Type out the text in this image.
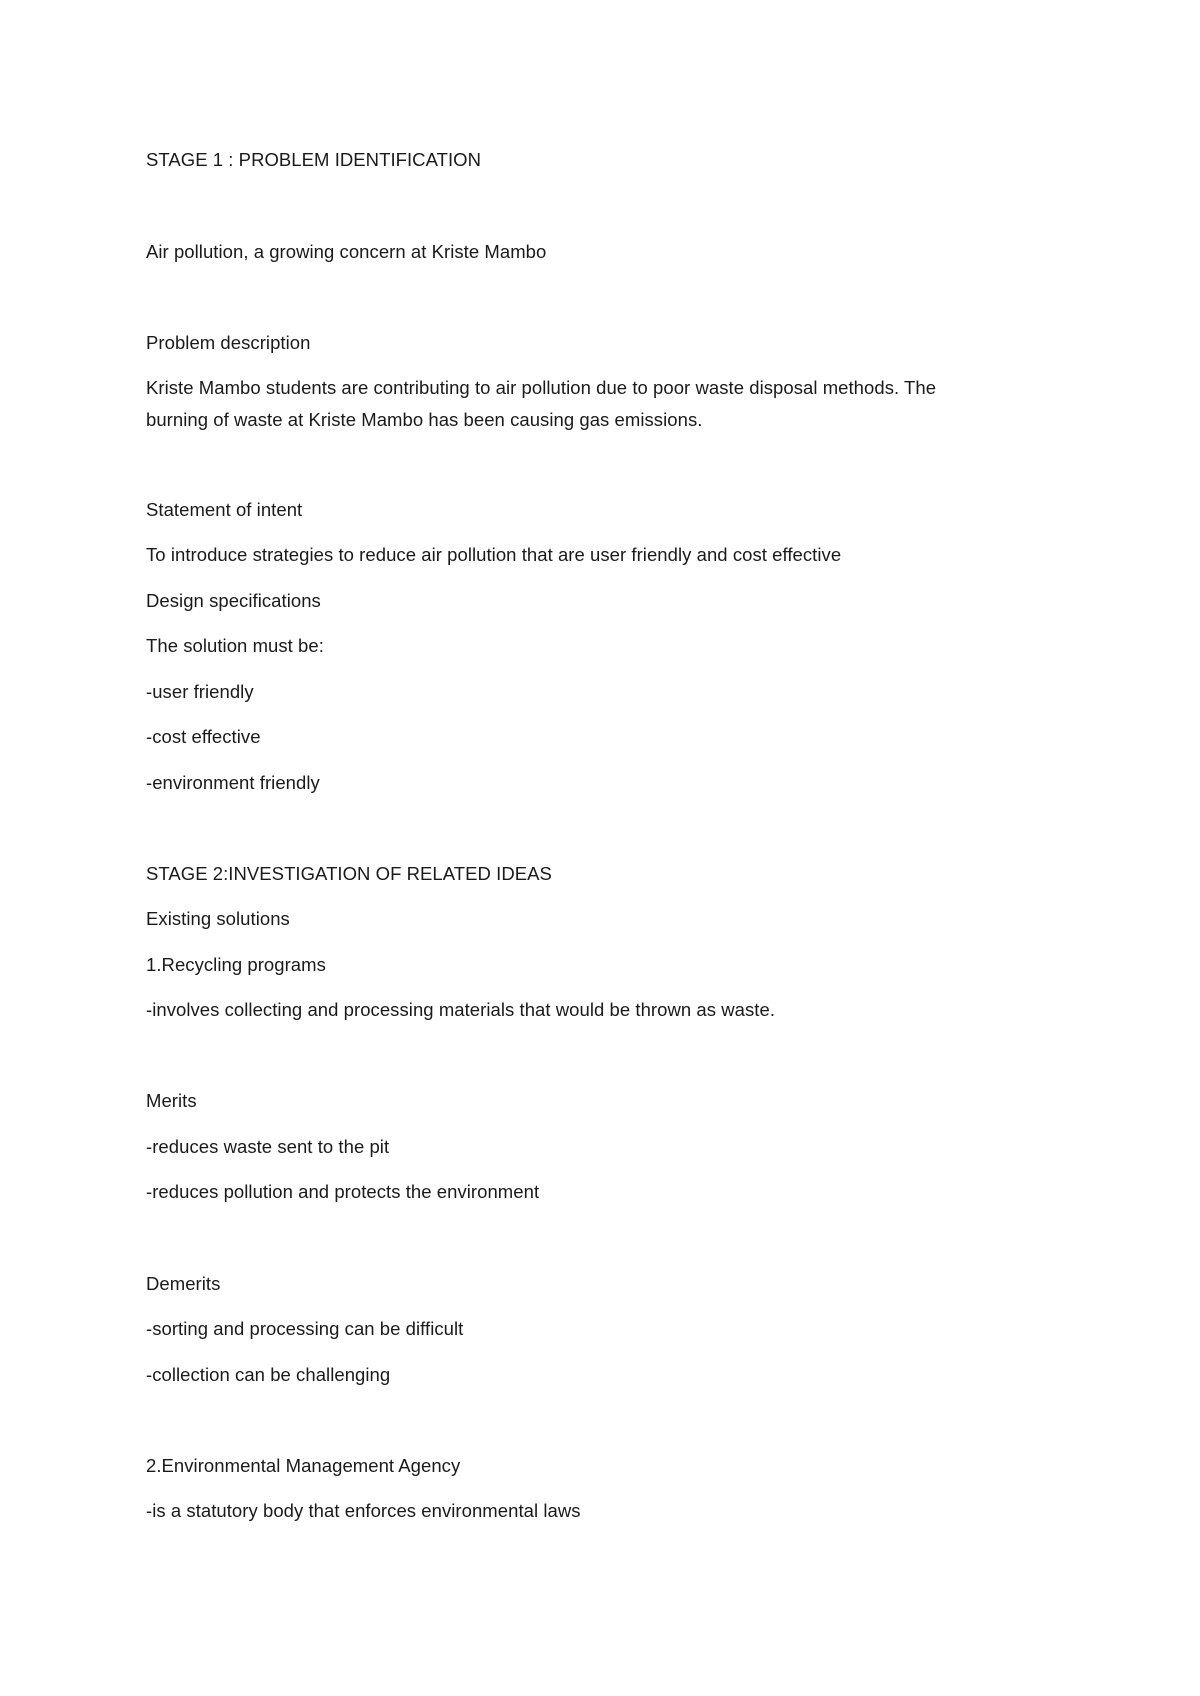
STAGE 1 : PROBLEM IDENTIFICATION
Air pollution, a growing concern at Kriste Mambo
Problem description
Kriste Mambo students are contributing to air pollution due to poor waste disposal methods. The
burning of waste at Kriste Mambo has been causing gas emissions.
Statement of intent
To introduce strategies to reduce air pollution that are user friendly and cost effective
Design specifications
The solution must be:
-user friendly
-cost effective
-environment friendly
STAGE 2:INVESTIGATION OF RELATED IDEAS
Existing solutions
1.Recycling programs
-involves collecting and processing materials that would be thrown as waste.
Merits
-reduces waste sent to the pit
-reduces pollution and protects the environment
Demerits
-sorting and processing can be difficult
-collection can be challenging
2.Environmental Management Agency
-is a statutory body that enforces environmental laws
